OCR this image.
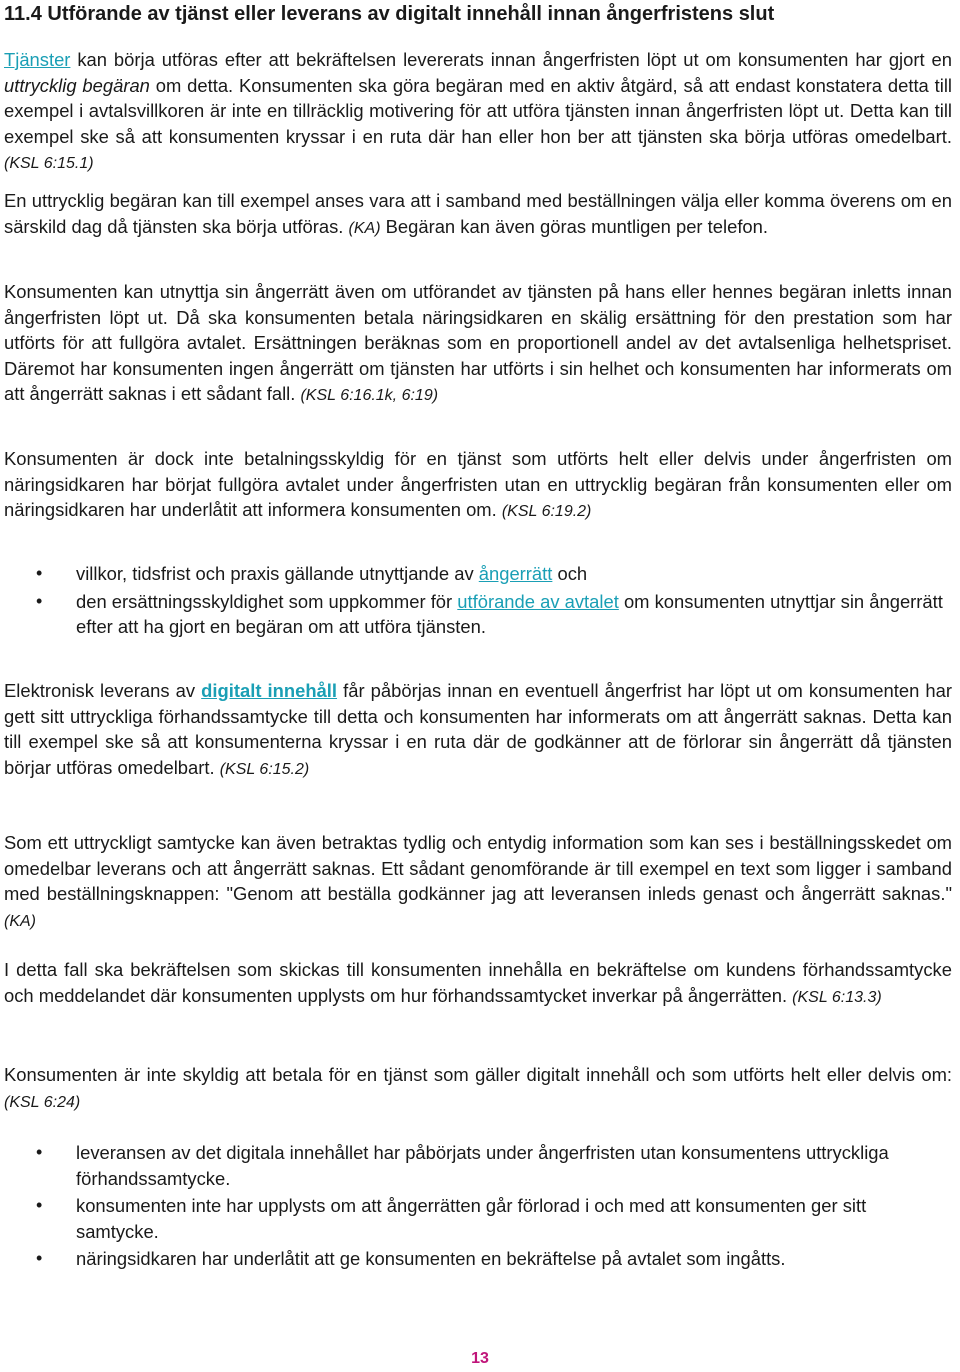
11.4 Utförande av tjänst eller leverans av digitalt innehåll innan ångerfristens slut

Tjänster kan börja utföras efter att bekräftelsen levererats innan ångerfristen löpt ut om konsumenten har gjort en uttrycklig begäran om detta. Konsumenten ska göra begäran med en aktiv åtgärd, så att endast konstatera detta till exempel i avtalsvillkoren är inte en tillräcklig motivering för att utföra tjänsten innan ångerfristen löpt ut. Detta kan till exempel ske så att konsumenten kryssar i en ruta där han eller hon ber att tjänsten ska börja utföras omedelbart. (KSL 6:15.1)

En uttrycklig begäran kan till exempel anses vara att i samband med beställningen välja eller komma överens om en särskild dag då tjänsten ska börja utföras. (KA) Begäran kan även göras muntligen per telefon.

Konsumenten kan utnyttja sin ångerrätt även om utförandet av tjänsten på hans eller hennes begäran inletts innan ångerfristen löpt ut. Då ska konsumenten betala näringsidkaren en skälig ersättning för den prestation som har utförts för att fullgöra avtalet. Ersättningen beräknas som en proportionell andel av det avtalsenliga helhetspriset. Däremot har konsumenten ingen ångerrätt om tjänsten har utförts i sin helhet och konsumenten har informerats om att ångerrätt saknas i ett sådant fall. (KSL 6:16.1k, 6:19)

Konsumenten är dock inte betalningsskyldig för en tjänst som utförts helt eller delvis under ångerfristen om näringsidkaren har börjat fullgöra avtalet under ångerfristen utan en uttrycklig begäran från konsumenten eller om näringsidkaren har underlåtit att informera konsumenten om. (KSL 6:19.2)

• villkor, tidsfrist och praxis gällande utnyttjande av ångerrätt och
• den ersättningsskyldighet som uppkommer för utförande av avtalet om konsumenten utnyttjar sin ångerrätt efter att ha gjort en begäran om att utföra tjänsten.

Elektronisk leverans av digitalt innehåll får påbörjas innan en eventuell ångerfrist har löpt ut om konsumenten har gett sitt uttryckliga förhandssamtycke till detta och konsumenten har informerats om att ångerrätt saknas. Detta kan till exempel ske så att konsumenterna kryssar i en ruta där de godkänner att de förlorar sin ångerrätt då tjänsten börjar utföras omedelbart. (KSL 6:15.2)

Som ett uttryckligt samtycke kan även betraktas tydlig och entydig information som kan ses i beställningsskedet om omedelbar leverans och att ångerrätt saknas. Ett sådant genomförande är till exempel en text som ligger i samband med beställningsknappen: "Genom att beställa godkänner jag att leveransen inleds genast och ångerrätt saknas." (KA)

I detta fall ska bekräftelsen som skickas till konsumenten innehålla en bekräftelse om kundens förhandssamtycke och meddelandet där konsumenten upplysts om hur förhandssamtycket inverkar på ångerrätten. (KSL 6:13.3)

Konsumenten är inte skyldig att betala för en tjänst som gäller digitalt innehåll och som utförts helt eller delvis om: (KSL 6:24)

• leveransen av det digitala innehållet har påbörjats under ångerfristen utan konsumentens uttryckliga förhandssamtycke.
• konsumenten inte har upplysts om att ångerrätten går förlorad i och med att konsumenten ger sitt samtycke.
• näringsidkaren har underlåtit att ge konsumenten en bekräftelse på avtalet som ingåtts.
13
